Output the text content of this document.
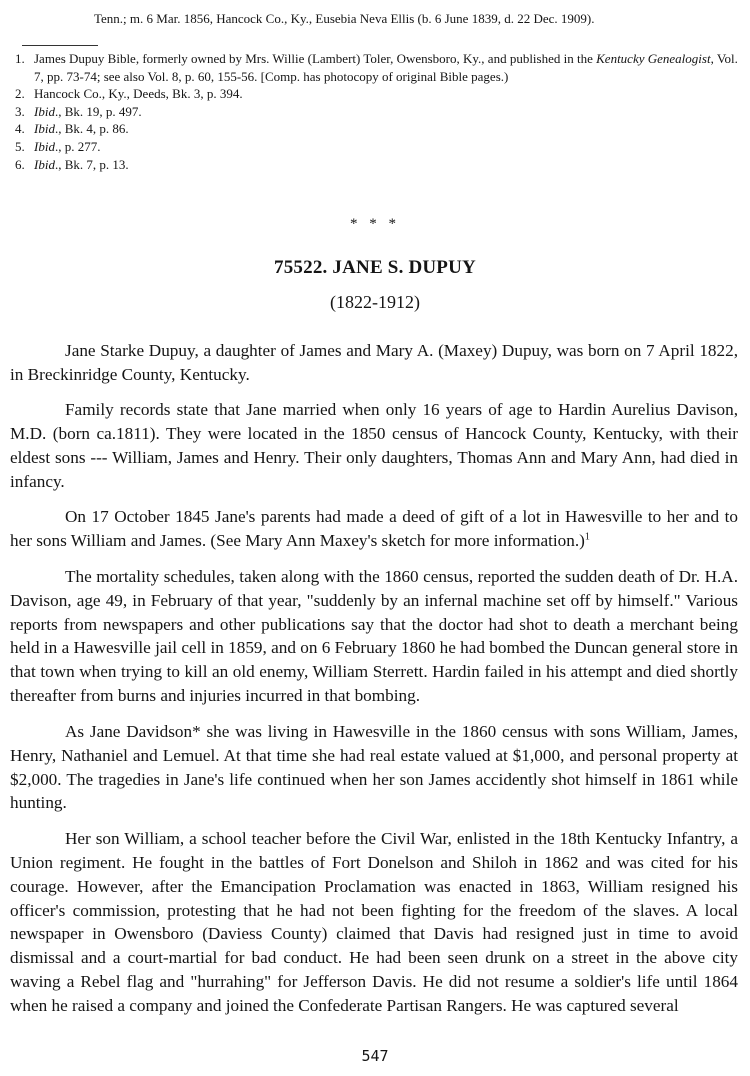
Tenn.; m. 6 Mar. 1856, Hancock Co., Ky., Eusebia Neva Ellis (b. 6 June 1839, d. 22 Dec. 1909).
1. James Dupuy Bible, formerly owned by Mrs. Willie (Lambert) Toler, Owensboro, Ky., and published in the Kentucky Genealogist, Vol. 7, pp. 73-74; see also Vol. 8, p. 60, 155-56. [Comp. has photocopy of original Bible pages.)
2. Hancock Co., Ky., Deeds, Bk. 3, p. 394.
3. Ibid., Bk. 19, p. 497.
4. Ibid., Bk. 4, p. 86.
5. Ibid., p. 277.
6. Ibid., Bk. 7, p. 13.
* * *
75522. JANE S. DUPUY
(1822-1912)

Jane Starke Dupuy, a daughter of James and Mary A. (Maxey) Dupuy, was born on 7 April 1822, in Breckinridge County, Kentucky.

Family records state that Jane married when only 16 years of age to Hardin Aurelius Davison, M.D. (born ca.1811). They were located in the 1850 census of Hancock County, Kentucky, with their eldest sons --- William, James and Henry. Their only daughters, Thomas Ann and Mary Ann, had died in infancy.

On 17 October 1845 Jane's parents had made a deed of gift of a lot in Hawesville to her and to her sons William and James. (See Mary Ann Maxey's sketch for more information.)$^1$

The mortality schedules, taken along with the 1860 census, reported the sudden death of Dr. H.A. Davison, age 49, in February of that year, "suddenly by an infernal machine set off by himself." Various reports from newspapers and other publications say that the doctor had shot to death a merchant being held in a Hawesville jail cell in 1859, and on 6 February 1860 he had bombed the Duncan general store in that town when trying to kill an old enemy, William Sterrett. Hardin failed in his attempt and died shortly thereafter from burns and injuries incurred in that bombing.

As Jane Davidson* she was living in Hawesville in the 1860 census with sons William, James, Henry, Nathaniel and Lemuel. At that time she had real estate valued at $1,000, and personal property at $2,000. The tragedies in Jane's life continued when her son James accidently shot himself in 1861 while hunting.

Her son William, a school teacher before the Civil War, enlisted in the 18th Kentucky Infantry, a Union regiment. He fought in the battles of Fort Donelson and Shiloh in 1862 and was cited for his courage. However, after the Emancipation Proclamation was enacted in 1863, William resigned his officer's commission, protesting that he had not been fighting for the freedom of the slaves. A local newspaper in Owensboro (Daviess County) claimed that Davis had resigned just in time to avoid dismissal and a court-martial for bad conduct. He had been seen drunk on a street in the above city waving a Rebel flag and "hurrahing" for Jefferson Davis. He did not resume a soldier's life until 1864 when he raised a company and joined the Confederate Partisan Rangers. He was captured several

547
